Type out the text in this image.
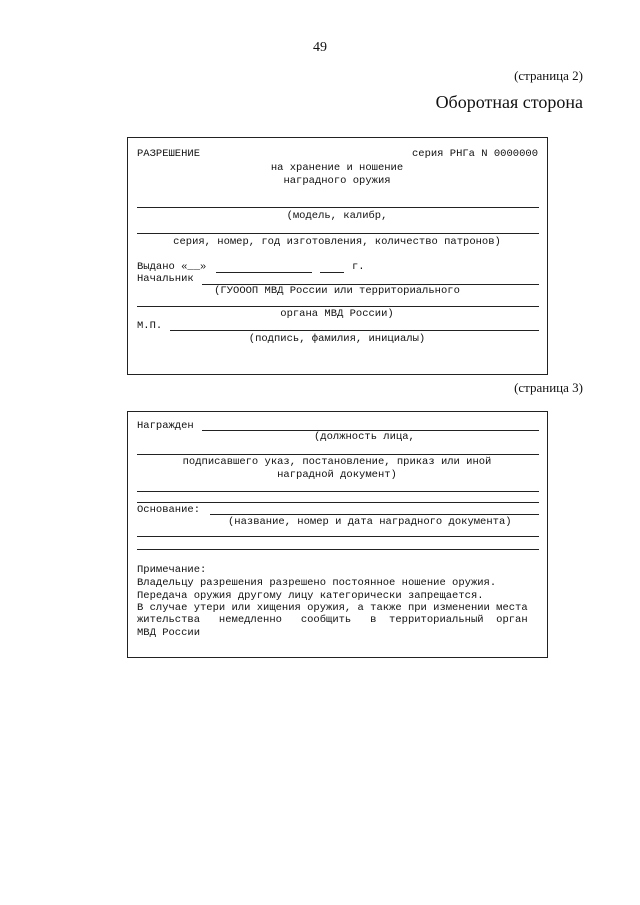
49
(страница 2)
Оборотная сторона
РАЗРЕШЕНИЕ	серия РНГа N 0000000
на хранение и ношение
наградного оружия
(модель, калибр,
серия, номер, год изготовления, количество патронов)
Выдано «__»	г.
Начальник
(ГУОООП МВД России или территориального
органа МВД России)
М.П.
(подпись, фамилия, инициалы)
(страница 3)
Награжден
(должность лица,
подписавшего указ, постановление, приказ или иной
наградной документ)
Основание:
(название, номер и дата наградного документа)
Примечание:
Владельцу разрешения разрешено постоянное ношение оружия.
Передача оружия другому лицу категорически запрещается.
В случае утери или хищения оружия, а также при изменении места
жительства   немедленно   сообщить   в  территориальный  орган
МВД России
